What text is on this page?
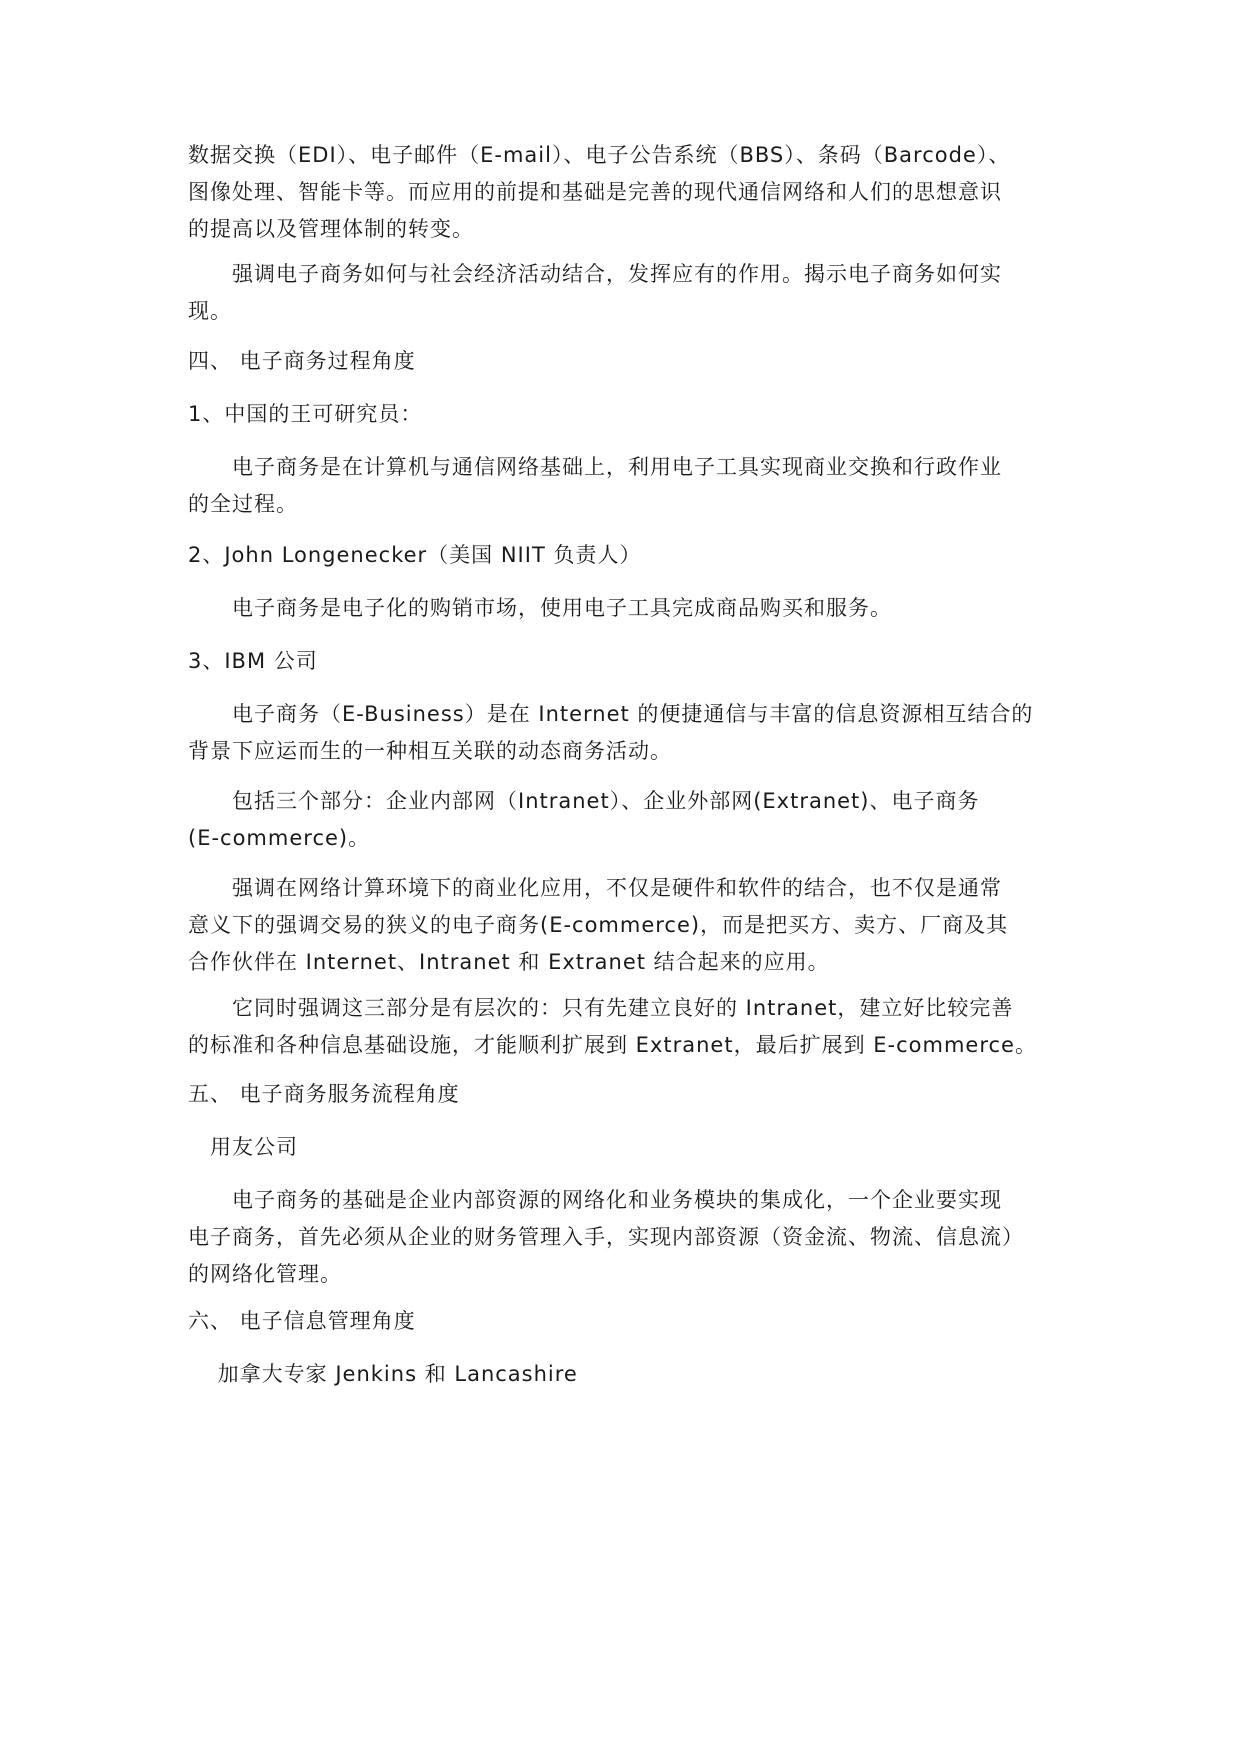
数据交换（EDI）、电子邮件（E-mail）、电子公告系统（BBS）、条码（Barcode）、
图像处理、智能卡等。而应用的前提和基础是完善的现代通信网络和人们的思想意识
的提高以及管理体制的转变。
　　强调电子商务如何与社会经济活动结合，发挥应有的作用。揭示电子商务如何实
现。
四、 电子商务过程角度
1、中国的王可研究员：
　　电子商务是在计算机与通信网络基础上，利用电子工具实现商业交换和行政作业
的全过程。
2、John Longenecker（美国 NIIT 负责人）
　　电子商务是电子化的购销市场，使用电子工具完成商品购买和服务。
3、IBM 公司
　　电子商务（E-Business）是在 Internet 的便捷通信与丰富的信息资源相互结合的
背景下应运而生的一种相互关联的动态商务活动。
　　包括三个部分：企业内部网（Intranet）、企业外部网(Extranet)、电子商务
(E-commerce)。
　　强调在网络计算环境下的商业化应用，不仅是硬件和软件的结合，也不仅是通常
意义下的强调交易的狭义的电子商务(E-commerce)，而是把买方、卖方、厂商及其
合作伙伴在 Internet、Intranet 和 Extranet 结合起来的应用。
　　它同时强调这三部分是有层次的：只有先建立良好的 Intranet，建立好比较完善
的标准和各种信息基础设施，才能顺利扩展到 Extranet，最后扩展到 E-commerce。
五、 电子商务服务流程角度
　用友公司
　　电子商务的基础是企业内部资源的网络化和业务模块的集成化，一个企业要实现
电子商务，首先必须从企业的财务管理入手，实现内部资源（资金流、物流、信息流）
的网络化管理。
六、 电子信息管理角度
　 加拿大专家 Jenkins 和 Lancashire
